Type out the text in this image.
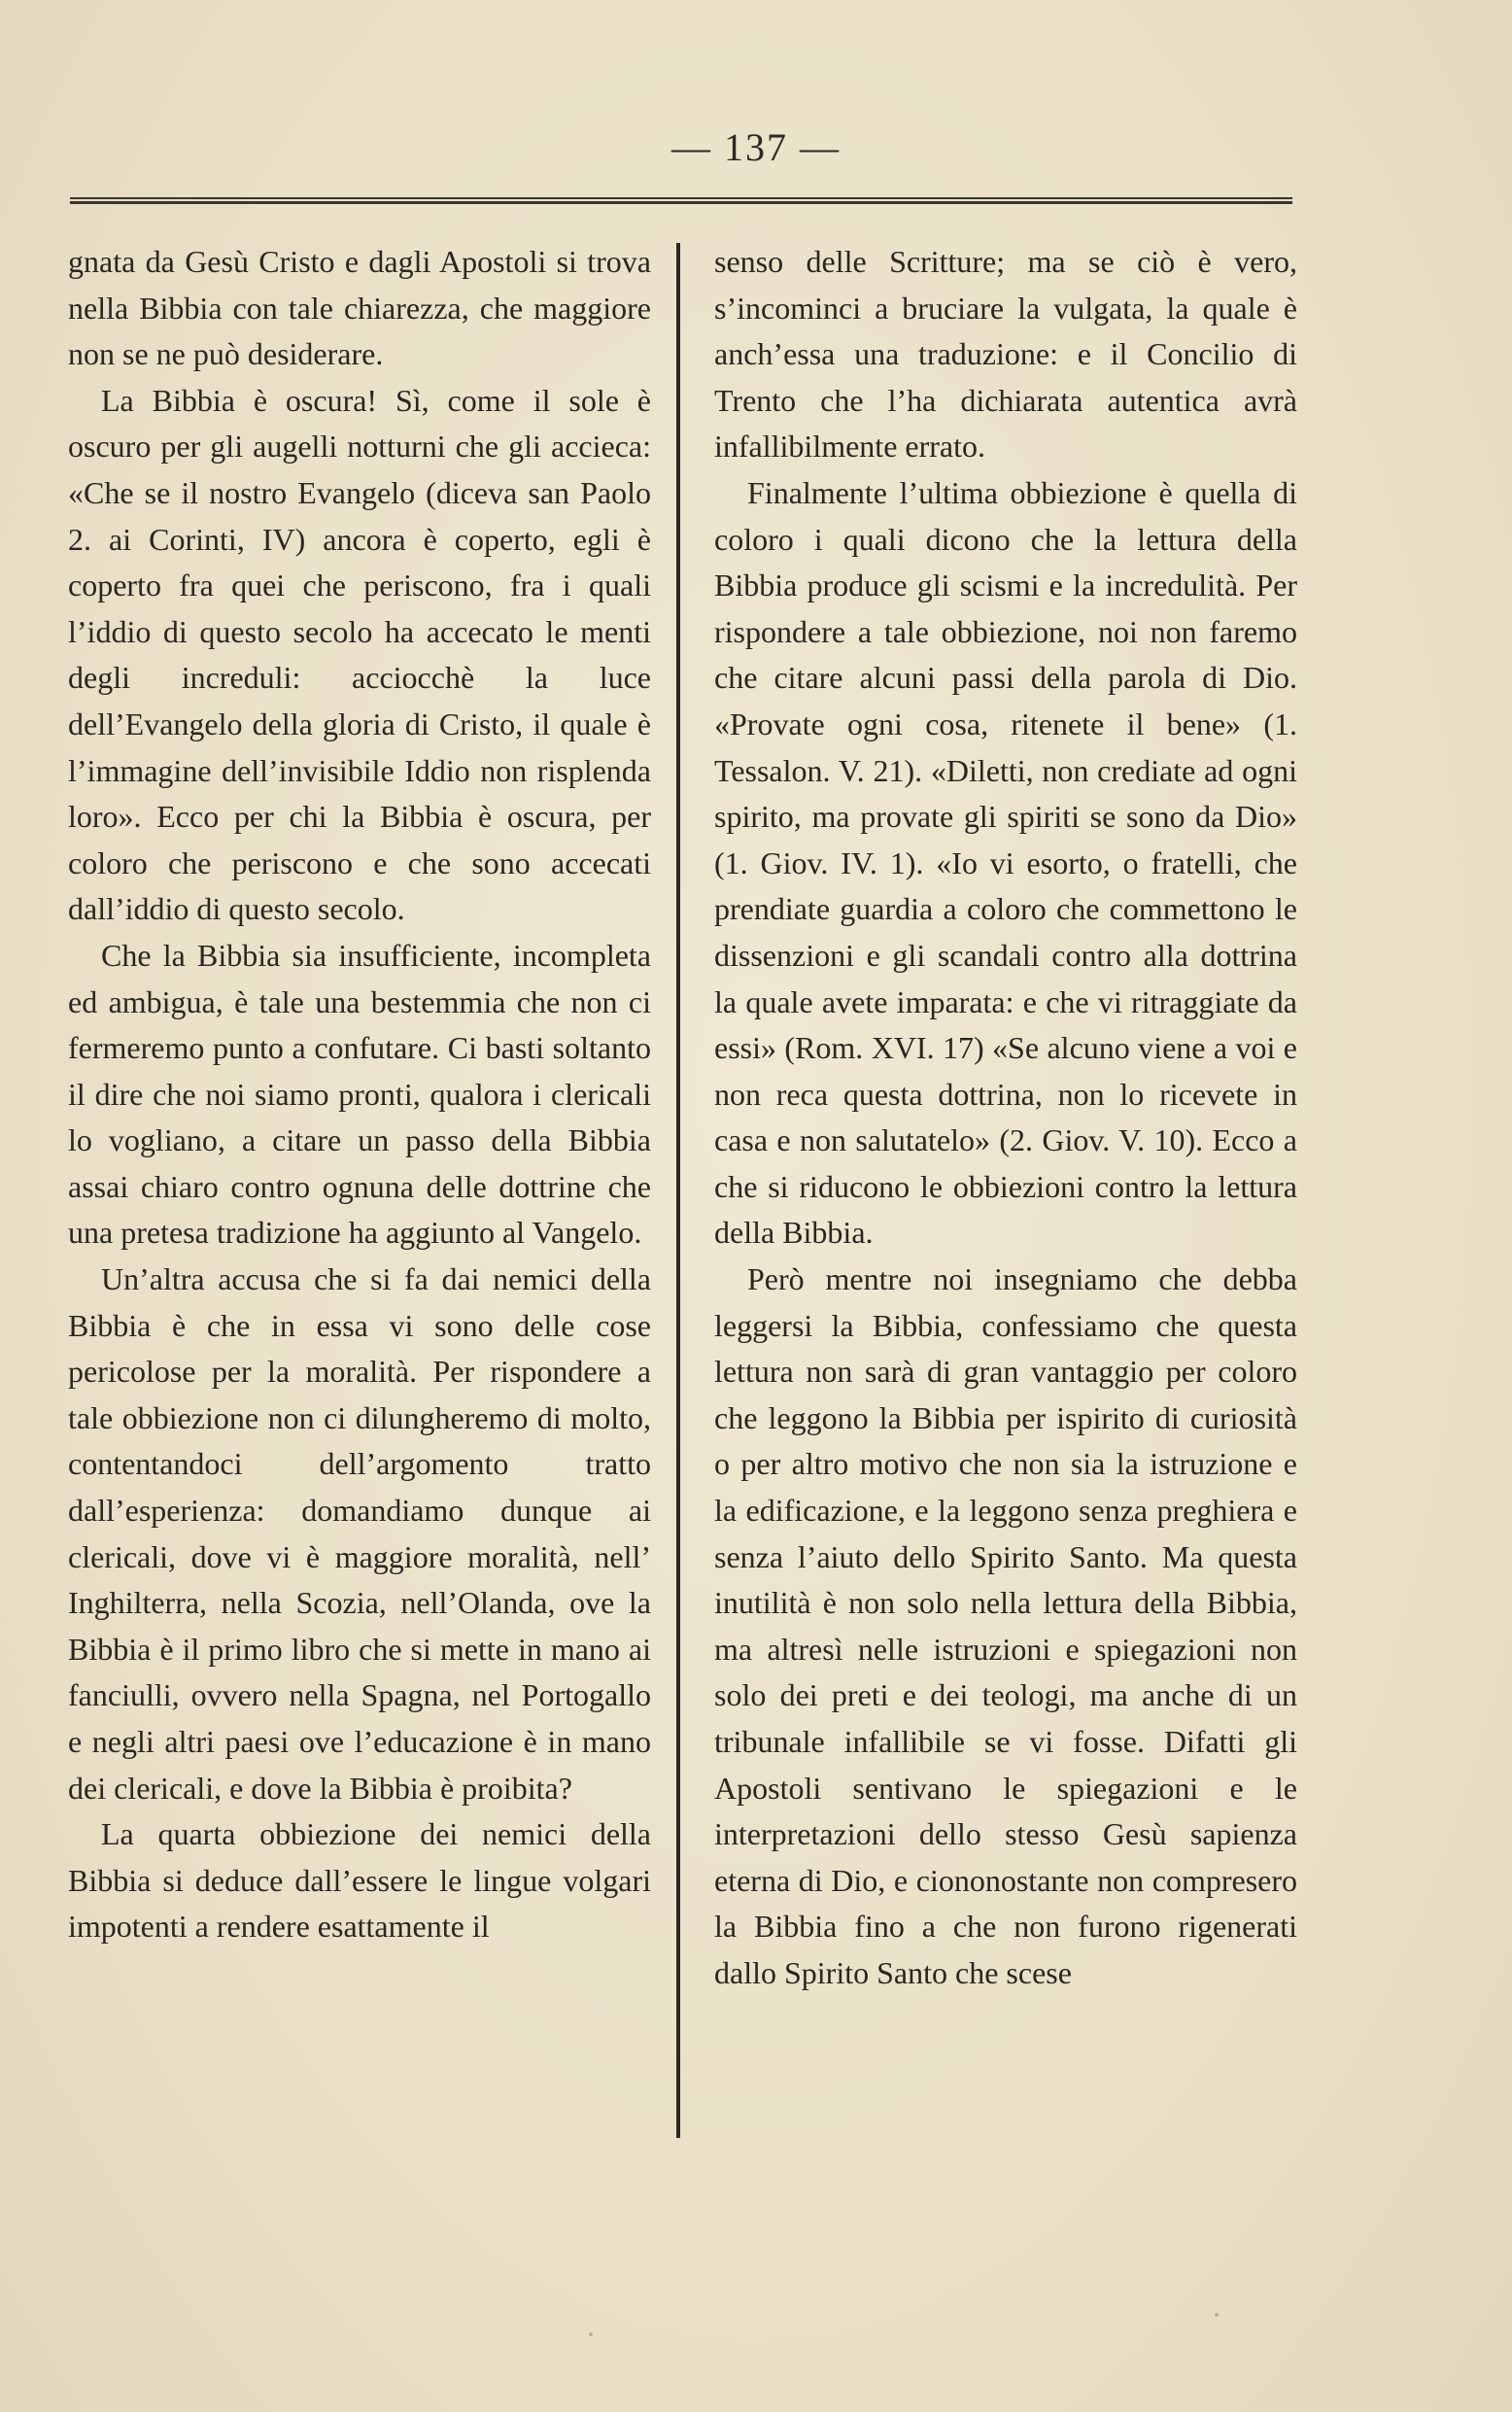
— 137 —

gnata da Gesù Cristo e dagli Apostoli si trova nella Bibbia con tale chiarezza, che maggiore non se ne può desiderare.

La Bibbia è oscura! Sì, come il sole è oscuro per gli augelli notturni che gli accieca: «Che se il nostro Evangelo (diceva san Paolo 2. ai Corinti, IV) ancora è coperto, egli è coperto fra quei che periscono, fra i quali l’iddio di questo secolo ha accecato le menti degli increduli: acciocchè la luce dell’Evangelo della gloria di Cristo, il quale è l’immagine dell’invisibile Iddio non risplenda loro». Ecco per chi la Bibbia è oscura, per coloro che periscono e che sono accecati dall’iddio di questo secolo.

Che la Bibbia sia insufficiente, incompleta ed ambigua, è tale una bestemmia che non ci fermeremo punto a confutare. Ci basti soltanto il dire che noi siamo pronti, qualora i clericali lo vogliano, a citare un passo della Bibbia assai chiaro contro ognuna delle dottrine che una pretesa tradizione ha aggiunto al Vangelo.

Un’altra accusa che si fa dai nemici della Bibbia è che in essa vi sono delle cose pericolose per la moralità. Per rispondere a tale obbiezione non ci dilungheremo di molto, contentandoci dell’argomento tratto dall’esperienza: domandiamo dunque ai clericali, dove vi è maggiore moralità, nell’ Inghilterra, nella Scozia, nell’Olanda, ove la Bibbia è il primo libro che si mette in mano ai fanciulli, ovvero nella Spagna, nel Portogallo e negli altri paesi ove l’educazione è in mano dei clericali, e dove la Bibbia è proibita?

La quarta obbiezione dei nemici della Bibbia si deduce dall’essere le lingue volgari impotenti a rendere esattamente il

senso delle Scritture; ma se ciò è vero, s’incominci a bruciare la vulgata, la quale è anch’essa una traduzione: e il Concilio di Trento che l’ha dichiarata autentica avrà infallibilmente errato.

Finalmente l’ultima obbiezione è quella di coloro i quali dicono che la lettura della Bibbia produce gli scismi e la incredulità. Per rispondere a tale obbiezione, noi non faremo che citare alcuni passi della parola di Dio. «Provate ogni cosa, ritenete il bene» (1. Tessalon. V. 21). «Diletti, non crediate ad ogni spirito, ma provate gli spiriti se sono da Dio» (1. Giov. IV. 1). «Io vi esorto, o fratelli, che prendiate guardia a coloro che commettono le dissenzioni e gli scandali contro alla dottrina la quale avete imparata: e che vi ritraggiate da essi» (Rom. XVI. 17) «Se alcuno viene a voi e non reca questa dottrina, non lo ricevete in casa e non salutatelo» (2. Giov. V. 10). Ecco a che si riducono le obbiezioni contro la lettura della Bibbia.

Però mentre noi insegniamo che debba leggersi la Bibbia, confessiamo che questa lettura non sarà di gran vantaggio per coloro che leggono la Bibbia per ispirito di curiosità o per altro motivo che non sia la istruzione e la edificazione, e la leggono senza preghiera e senza l’aiuto dello Spirito Santo. Ma questa inutilità è non solo nella lettura della Bibbia, ma altresì nelle istruzioni e spiegazioni non solo dei preti e dei teologi, ma anche di un tribunale infallibile se vi fosse. Difatti gli Apostoli sentivano le spiegazioni e le interpretazioni dello stesso Gesù sapienza eterna di Dio, e ciononostante non compresero la Bibbia fino a che non furono rigenerati dallo Spirito Santo che scese
